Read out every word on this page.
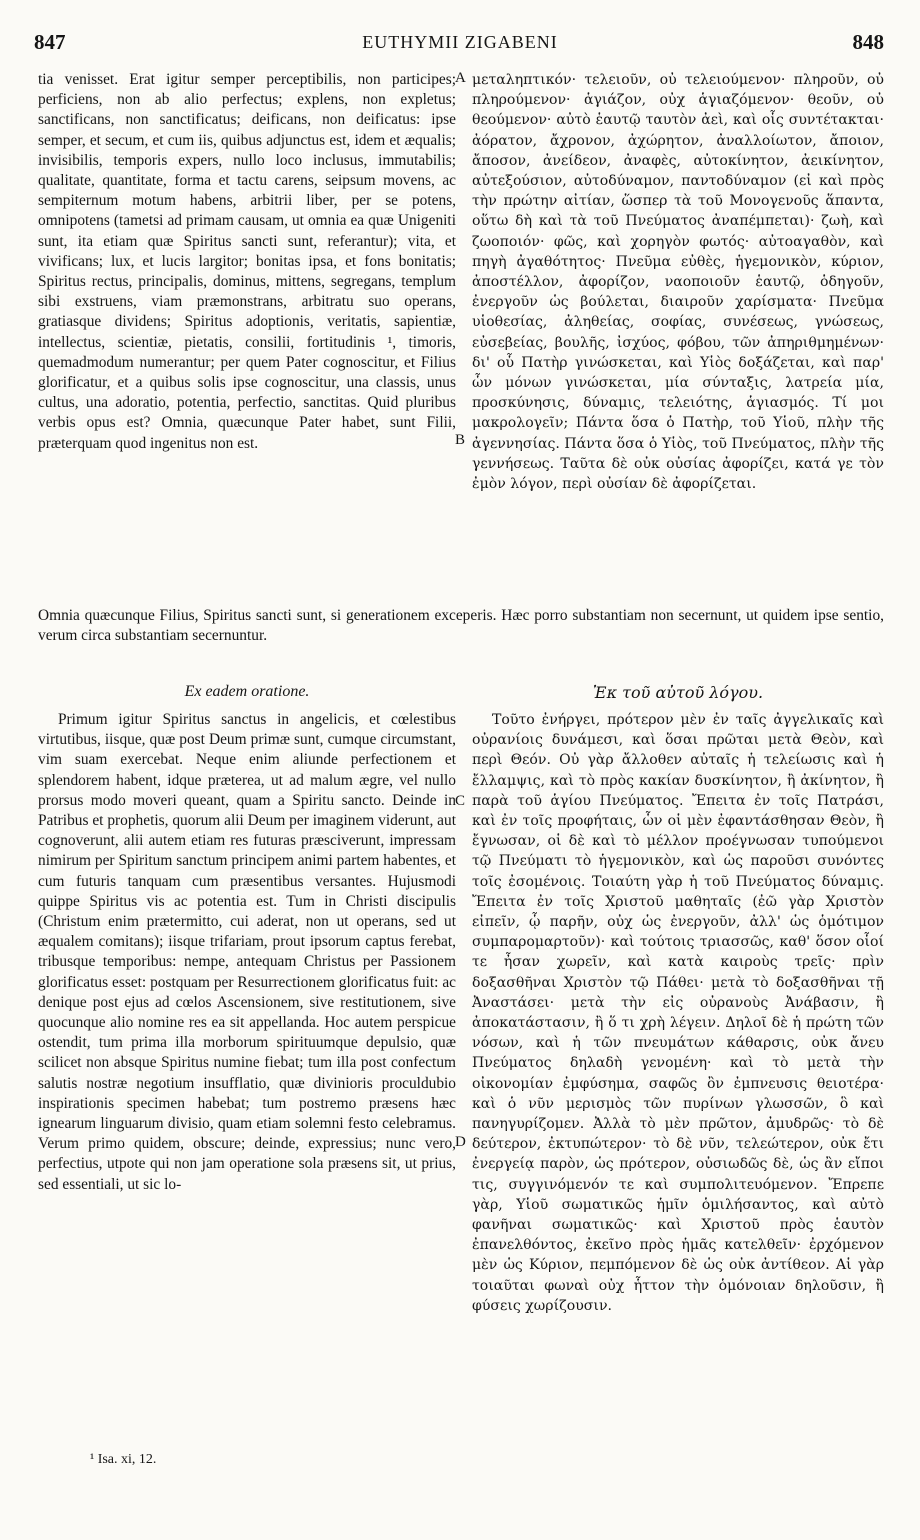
847	EUTHYMII ZIGABENI	848

tia venisset. Erat igitur semper perceptibilis, non participes; perficiens, non ab alio perfectus; explens, non expletus; sanctificans, non sanctificatus; deificans, non deificatus: ipse semper, et secum, et cum iis, quibus adjunctus est, idem et æqualis; invisibilis, temporis expers, nullo loco inclusus, immutabilis; qualitate, quantitate, forma et tactu carens, seipsum movens, ac sempiternum motum habens, arbitrii liber, per se potens, omnipotens (tametsi ad primam causam, ut omnia ea quæ Unigeniti sunt, ita etiam quæ Spiritus sancti sunt, referantur); vita, et vivificans; lux, et lucis largitor; bonitas ipsa, et fons bonitatis; Spiritus rectus, principalis, dominus, mittens, segregans, templum sibi exstruens, viam præmonstrans, arbitratu suo operans, gratiasque dividens; Spiritus adoptionis, veritatis, sapientiæ, intellectus, scientiæ, pietatis, consilii, fortitudinis ¹, timoris, quemadmodum numerantur; per quem Pater cognoscitur, et Filius glorificatur, et a quibus solis ipse cognoscitur, una classis, unus cultus, una adoratio, potentia, perfectio, sanctitas. Quid pluribus verbis opus est? Omnia, quæcunque Pater habet, sunt Filii, præterquam quod ingenitus non est.

A μεταληπτικόν· τελειοῦν, οὐ τελειούμενον· πληροῦν, οὐ πληρούμενον· ἁγιάζον, οὐχ ἁγιαζόμενον· θεοῦν, οὐ θεούμενον· αὐτὸ ἑαυτῷ ταυτὸν ἀεὶ, καὶ οἷς συντέτακται· ἀόρατον, ἄχρονον, ἀχώρητον, ἀναλλοίωτον, ἄποιον, ἄποσον, ἀνείδεον, ἀναφὲς, αὐτοκίνητον, ἀεικίνητον, αὐτεξούσιον, αὐτοδύναμον, παντοδύναμον (εἰ καὶ πρὸς τὴν πρώτην αἰτίαν, ὥσπερ τὰ τοῦ Μονογενοῦς ἅπαντα, οὕτω δὴ καὶ τὰ τοῦ Πνεύματος ἀναπέμπεται)· ζωὴ, καὶ ζωοποιόν· φῶς, καὶ χορηγὸν φωτός· αὐτοαγαθὸν, καὶ πηγὴ ἀγαθότητος· Πνεῦμα εὐθὲς, ἡγεμονικὸν, κύριον, ἀποστέλλον, ἀφορίζον, ναοποιοῦν ἑαυτῷ, ὁδηγοῦν, ἐνεργοῦν ὡς βούλεται, διαιροῦν χαρίσματα· Πνεῦμα υἱοθεσίας, ἀληθείας, σοφίας, συνέσεως, γνώσεως, εὐσεβείας, βουλῆς, ἰσχύος, φόβου, τῶν ἀπηριθμημένων· δι' οὗ Πατὴρ γινώσκεται, καὶ Υἱὸς δοξάζεται, καὶ παρ' ὧν μόνων γινώσκεται, μία σύνταξις, λατρεία μία, προσκύνησις, δύναμις, τελειότης, ἁγιασμός. Τί μοι μακρολογεῖν; Πάντα ὅσα ὁ Πατὴρ, τοῦ Υἱοῦ, πλὴν τῆς ἀγεννησίας. Πάντα ὅσα ὁ Υἱὸς, τοῦ Πνεύματος, πλὴν τῆς γεννήσεως. Ταῦτα δὲ οὐκ οὐσίας ἀφορίζει, κατά γε τὸν ἐμὸν λόγον, περὶ οὐσίαν δὲ ἀφορίζεται.

B

Omnia quæcunque Filius, Spiritus sancti sunt, si generationem exceperis. Hæc porro substantiam non secernunt, ut quidem ipse sentio, verum circa substantiam secernuntur.

Ex eadem oratione.	Ἐκ τοῦ αὐτοῦ λόγου.

Primum igitur Spiritus sanctus in angelicis, et cœlestibus virtutibus, iisque, quæ post Deum primæ sunt, cumque circumstant, vim suam exercebat. Neque enim aliunde perfectionem et splendorem habent, idque præterea, ut ad malum ægre, vel nullo prorsus modo moveri queant, quam a Spiritu sancto. Deinde in Patribus et prophetis, quorum alii Deum per imaginem viderunt, aut cognoverunt, alii autem etiam res futuras præsciverunt, impressam nimirum per Spiritum sanctum principem animi partem habentes, et cum futuris tanquam cum præsentibus versantes. Hujusmodi quippe Spiritus vis ac potentia est. Tum in Christi discipulis (Christum enim prætermitto, cui aderat, non ut operans, sed ut æqualem comitans); iisque trifariam, prout ipsorum captus ferebat, tribusque temporibus: nempe, antequam Christus per Passionem glorificatus esset: postquam per Resurrectionem glorificatus fuit: ac denique post ejus ad cœlos Ascensionem, sive restitutionem, sive quocunque alio nomine res ea sit appellanda. Hoc autem perspicue ostendit, tum prima illa morborum spirituumque depulsio, quæ scilicet non absque Spiritus numine fiebat; tum illa post confectum salutis nostræ negotium insufflatio, quæ divinioris proculdubio inspirationis specimen habebat; tum postremo præsens hæc ignearum linguarum divisio, quam etiam solemni festo celebramus. Verum primo quidem, obscure; deinde, expressius; nunc vero, perfectius, utpote qui non jam operatione sola præsens sit, ut prius, sed essentiali, ut sic lo-

C

Τοῦτο ἐνήργει, πρότερον μὲν ἐν ταῖς ἀγγελικαῖς καὶ οὐρανίοις δυνάμεσι, καὶ ὅσαι πρῶται μετὰ Θεὸν, καὶ περὶ Θεόν. Οὐ γὰρ ἄλλοθεν αὐταῖς ἡ τελείωσις καὶ ἡ ἔλλαμψις, καὶ τὸ πρὸς κακίαν δυσκίνητον, ἢ ἀκίνητον, ἢ παρὰ τοῦ ἁγίου Πνεύματος. Ἔπειτα ἐν τοῖς Πατράσι, καὶ ἐν τοῖς προφήταις, ὧν οἱ μὲν ἐφαντάσθησαν Θεὸν, ἢ ἔγνωσαν, οἱ δὲ καὶ τὸ μέλλον προέγνωσαν τυπούμενοι τῷ Πνεύματι τὸ ἡγεμονικὸν, καὶ ὡς παροῦσι συνόντες τοῖς ἐσομένοις. Τοιαύτη γὰρ ἡ τοῦ Πνεύματος δύναμις. Ἔπειτα ἐν τοῖς Χριστοῦ μαθηταῖς (ἐῶ γὰρ Χριστὸν εἰπεῖν, ᾧ παρῆν, οὐχ ὡς ἐνεργοῦν, ἀλλ' ὡς ὁμότιμον συμπαρομαρτοῦν)· καὶ τούτοις τριασσῶς, καθ' ὅσον οἷοί τε ἦσαν χωρεῖν, καὶ κατὰ καιροὺς τρεῖς· πρὶν δοξασθῆναι Χριστὸν τῷ Πάθει· μετὰ τὸ δοξασθῆναι τῇ Ἀναστάσει· μετὰ τὴν εἰς οὐρανοὺς Ἀνάβασιν, ἢ ἀποκατάστασιν, ἢ ὅ τι χρὴ λέγειν. Δηλοῖ δὲ ἡ πρώτη τῶν νόσων, καὶ ἡ τῶν πνευμάτων κάθαρσις, οὐκ ἄνευ Πνεύματος δηλαδὴ γενομένη· καὶ τὸ μετὰ τὴν οἰκονομίαν ἐμφύσημα, σαφῶς ὂν ἐμπνευσις θειοτέρα· καὶ ὁ νῦν μερισμὸς τῶν πυρίνων γλωσσῶν, ὃ καὶ πανηγυρίζομεν. Ἀλλὰ τὸ μὲν πρῶτον, ἀμυδρῶς· τὸ δὲ δεύτερον, ἐκτυπώτερον· τὸ δὲ νῦν, τελεώτερον, οὐκ ἔτι ἐνεργείᾳ παρὸν, ὡς πρότερον, οὐσιωδῶς δὲ, ὡς ἂν εἴποι τις, συγγινόμενόν τε καὶ συμπολιτευόμενον. Ἔπρεπε γὰρ, Υἱοῦ σωματικῶς ἡμῖν ὁμιλήσαντος, καὶ αὐτὸ φανῆναι σωματικῶς· καὶ Χριστοῦ πρὸς ἑαυτὸν ἐπανελθόντος, ἐκεῖνο πρὸς ἡμᾶς κατελθεῖν· ἐρχόμενον μὲν ὡς Κύριον, πεμπόμενον δὲ ὡς οὐκ ἀντίθεον. Αἱ γὰρ τοιαῦται φωναὶ οὐχ ἧττον τὴν ὁμόνοιαν δηλοῦσιν, ἢ φύσεις χωρίζουσιν.

D
¹ Isa. xi, 12.
